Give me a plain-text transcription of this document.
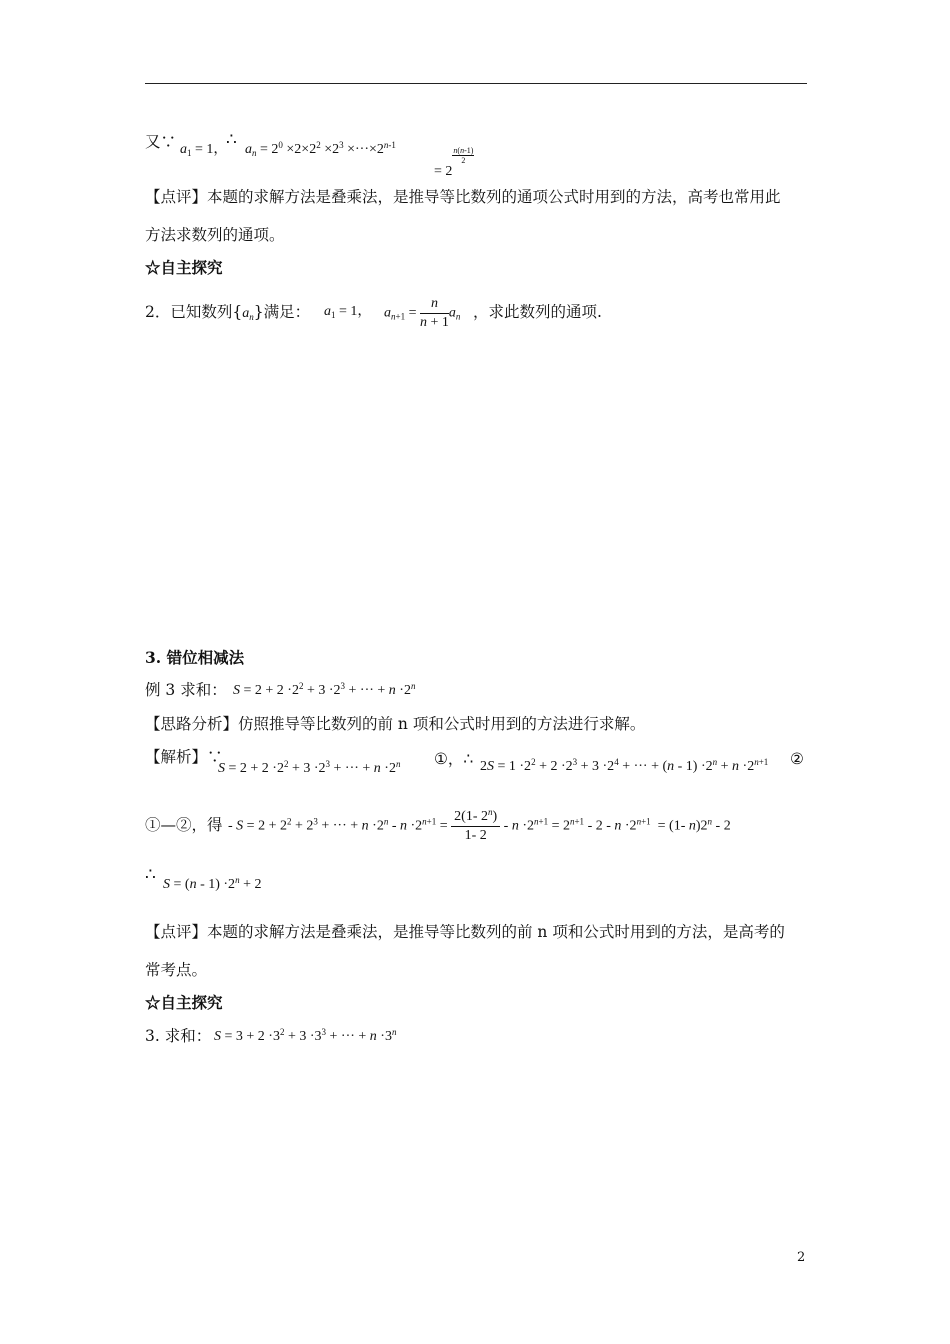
又∵ $a_1 = 1$，
∴ $a_n = 2^0 \times 2\times 2^2 \times 2^3 \times\cdot\cdot\cdot\times 2^{n-1}$
= 2
$\frac{n(n-1)}{2}$
【点评】本题的求解方法是叠乘法，是推导等比数列的通项公式时用到的方法，高考也常用此
方法求数列的通项。
☆自主探究
2．已知数列$\{a_n\}$满足： $a_1 = 1$， $a_{n+1} = \frac{n}{n + 1} a_n$ ，求此数列的通项.
3. 错位相减法
例 3 求和： $S = 2 + 2 \cdot 2^2 + 3 \cdot 2^3$ + ··· + $n \cdot 2^n$
【思路分析】仿照推导等比数列的前 n 项和公式时用到的方法进行求解。
【解析】∵
$S = 2 + 2 \cdot 2^2 + 3 \cdot 2^3$ + ··· + $n \cdot 2^n$ ①，∴ $2S = 1 \cdot 2^2 + 2 \cdot 2^3 + 3 \cdot 2^4$ + ··· + $(n - 1) \cdot 2^n + n \cdot 2^{n+1}$ ②
①—②，得 - $S = 2 + 2^2 + 2^3$ + ··· + $n \cdot 2^n - n \cdot 2^{n+1} = \frac{2(1- 2^n)}{1- 2} - n \cdot 2^{n+1} = 2^{n+1} - 2 - n \cdot 2^{n+1} = (1-$ n)2$^n$ - 2
∴ $S = (n - 1) \cdot 2^n + 2$
【点评】本题的求解方法是叠乘法，是推导等比数列的前 n 项和公式时用到的方法，是高考的
常考点。
☆自主探究
3. 求和： $S = 3 + 2 \cdot 3^2 + 3 \cdot 3^3$ + ··· + $n \cdot 3^n$
2
